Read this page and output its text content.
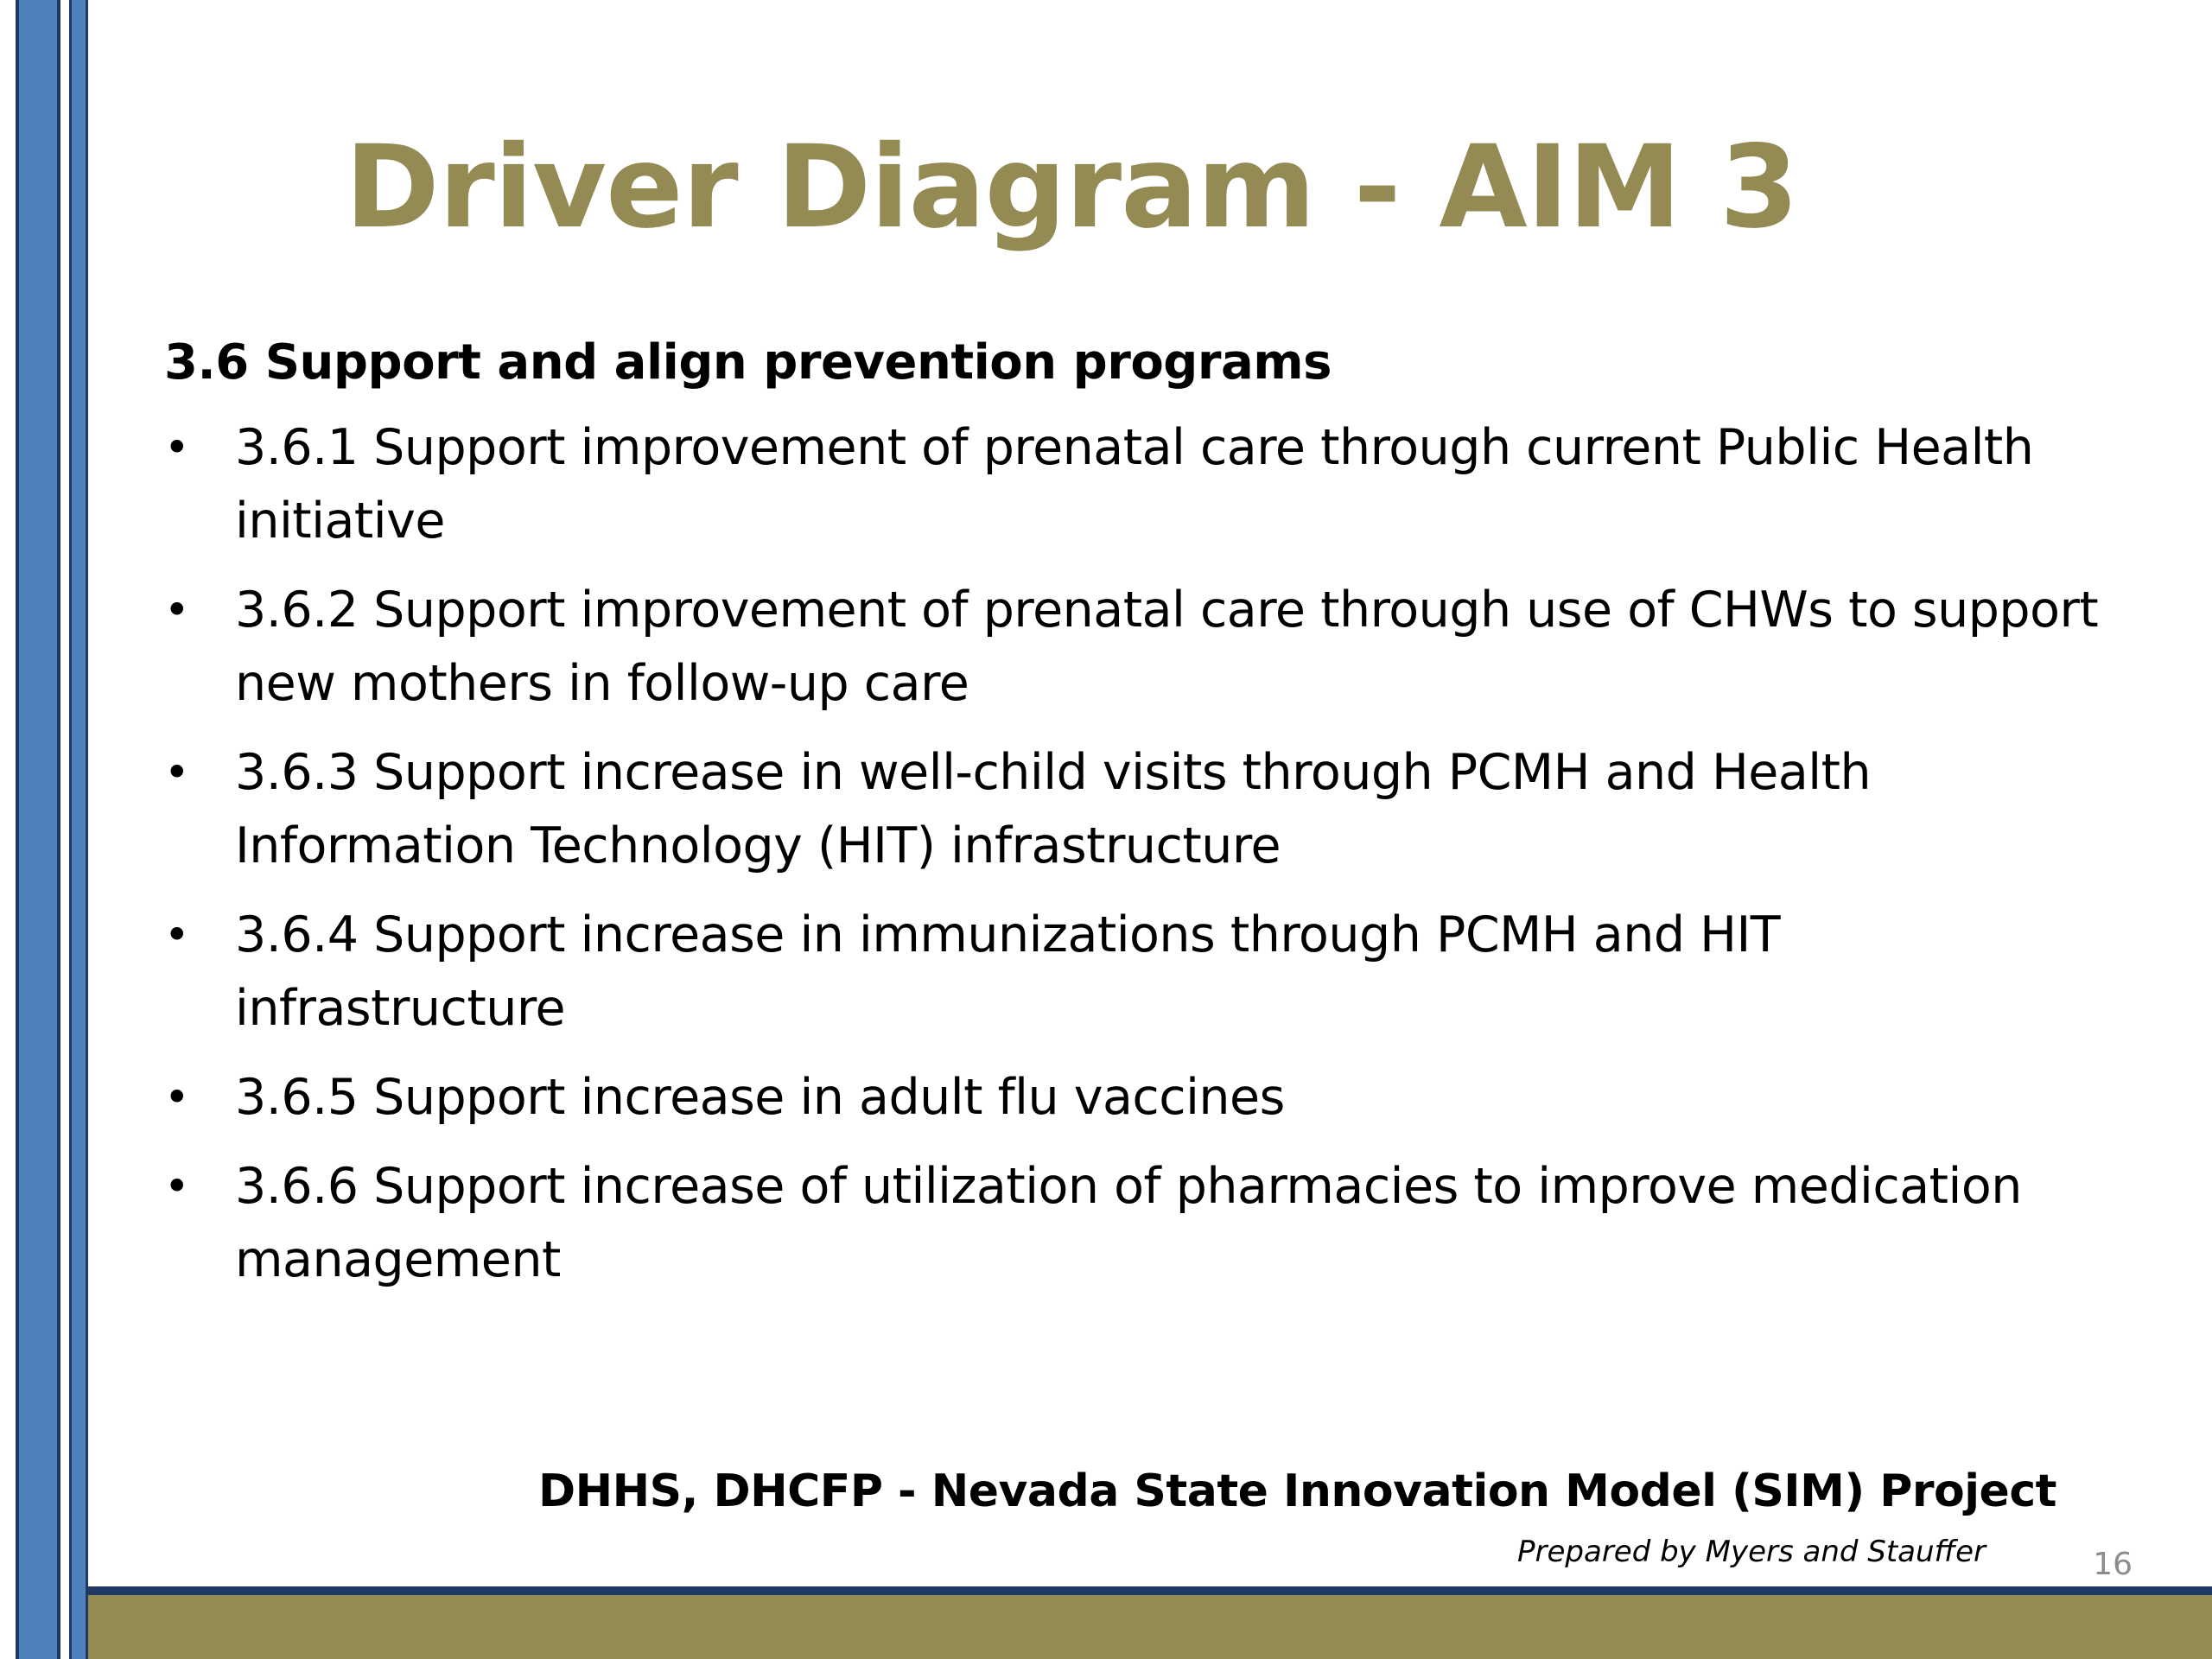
Driver Diagram - AIM 3
3.6 Support and align prevention programs
• 3.6.1 Support improvement of prenatal care through current Public Health initiative
• 3.6.2 Support improvement of prenatal care through use of CHWs to support new mothers in follow-up care
• 3.6.3 Support increase in well-child visits through PCMH and Health Information Technology (HIT) infrastructure
• 3.6.4 Support increase in immunizations through PCMH and HIT infrastructure
• 3.6.5 Support increase in adult flu vaccines
• 3.6.6 Support increase of utilization of pharmacies to improve medication management
DHHS, DHCFP - Nevada State Innovation Model (SIM) Project
Prepared by Myers and Stauffer	16
